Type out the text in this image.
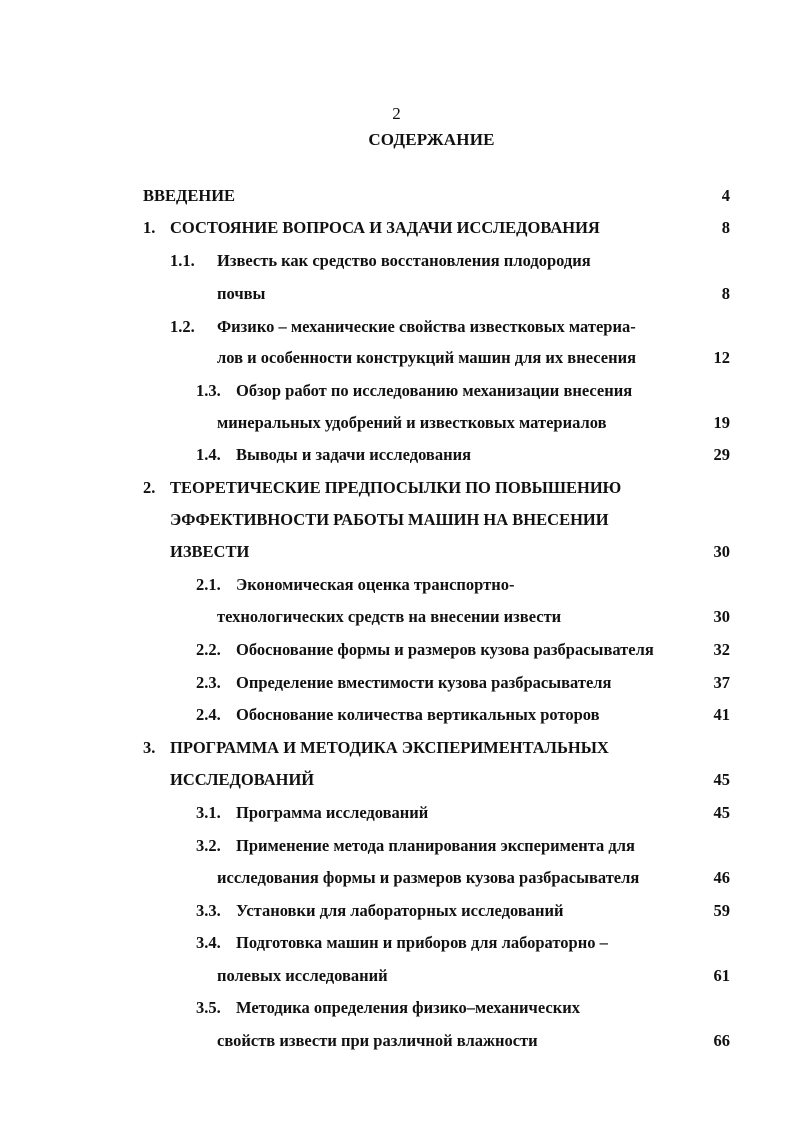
2
СОДЕРЖАНИЕ
ВВЕДЕНИЕ	4
1. СОСТОЯНИЕ ВОПРОСА И ЗАДАЧИ ИССЛЕДОВАНИЯ	8
1.1. Известь как средство восстановления плодородия
почвы	8
1.2. Физико – механические свойства известковых материа-
лов и особенности конструкций машин для их внесения	12
1.3. Обзор работ по исследованию механизации внесения
минеральных удобрений и известковых материалов	19
1.4. Выводы и задачи исследования	29
2. ТЕОРЕТИЧЕСКИЕ ПРЕДПОСЫЛКИ ПО ПОВЫШЕНИЮ
ЭФФЕКТИВНОСТИ РАБОТЫ МАШИН НА ВНЕСЕНИИ
ИЗВЕСТИ	30
2.1. Экономическая оценка транспортно-
технологических средств на внесении извести	30
2.2. Обоснование формы и размеров кузова разбрасывателя	32
2.3. Определение вместимости кузова разбрасывателя	37
2.4. Обоснование количества вертикальных роторов	41
3. ПРОГРАММА И МЕТОДИКА ЭКСПЕРИМЕНТАЛЬНЫХ
ИССЛЕДОВАНИЙ	45
3.1. Программа исследований	45
3.2. Применение метода планирования эксперимента для
исследования формы и размеров кузова разбрасывателя	46
3.3. Установки для лабораторных исследований	59
3.4. Подготовка машин и приборов для лабораторно –
полевых исследований	61
3.5. Методика определения физико–механических
свойств извести при различной влажности	66
